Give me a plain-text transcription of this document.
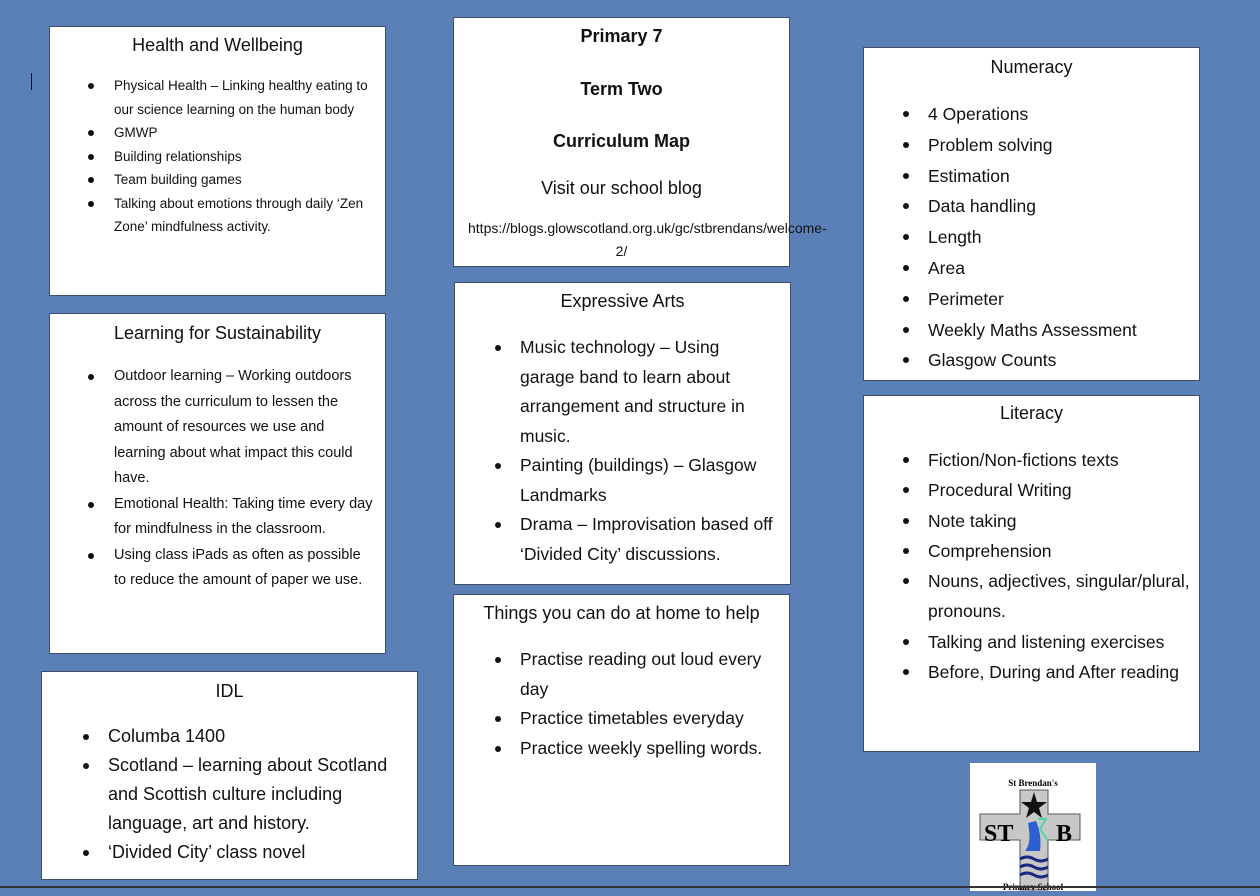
Health and Wellbeing
Physical Health – Linking healthy eating to our science learning on the human body
GMWP
Building relationships
Team building games
Talking about emotions through daily ‘Zen Zone’ mindfulness activity.
Learning for Sustainability
Outdoor learning – Working outdoors across the curriculum to lessen the amount of resources we use and learning about what impact this could have.
Emotional Health: Taking time every day for mindfulness in the classroom.
Using class iPads as often as possible to reduce the amount of paper we use.
IDL
Columba 1400
Scotland – learning about Scotland and Scottish culture including language, art and history.
‘Divided City’ class novel
Primary 7
Term Two
Curriculum Map
Visit our school blog
https://blogs.glowscotland.org.uk/gc/stbrendans/welcome-2/
Expressive Arts
Music technology – Using garage band to learn about arrangement and structure in music.
Painting (buildings) – Glasgow Landmarks
Drama – Improvisation based off ‘Divided City’ discussions.
Things you can do at home to help
Practise reading out loud every day
Practice timetables everyday
Practice weekly spelling words.
Numeracy
4 Operations
Problem solving
Estimation
Data handling
Length
Area
Perimeter
Weekly Maths Assessment
Glasgow Counts
Literacy
Fiction/Non-fictions texts
Procedural Writing
Note taking
Comprehension
Nouns, adjectives, singular/plural, pronouns.
Talking and listening exercises
Before, During and After reading
St Brendan's
ST B
